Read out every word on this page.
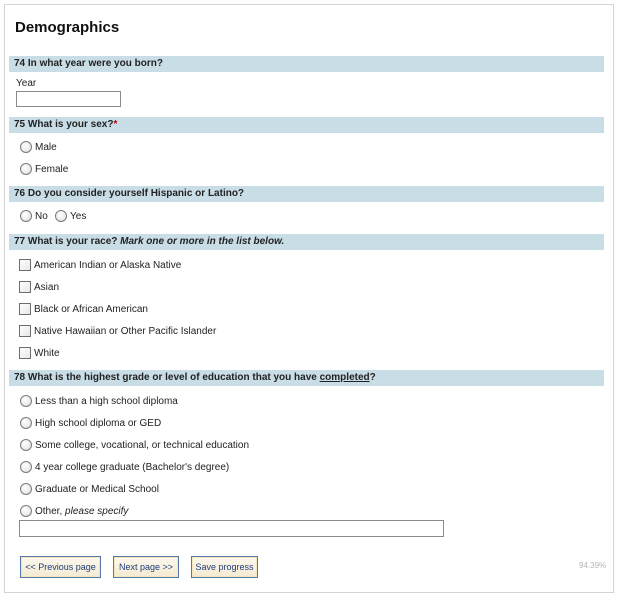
Demographics
74 In what year were you born?
Year
75 What is your sex?*
Male
Female
76 Do you consider yourself Hispanic or Latino?
No Yes
77 What is your race? Mark one or more in the list below.
American Indian or Alaska Native
Asian
Black or African American
Native Hawaiian or Other Pacific Islander
White
78 What is the highest grade or level of education that you have completed?
Less than a high school diploma
High school diploma or GED
Some college, vocational, or technical education
4 year college graduate (Bachelor's degree)
Graduate or Medical School
Other,
please specify
<< Previous page	Next page >>	Save progress	94.39%
